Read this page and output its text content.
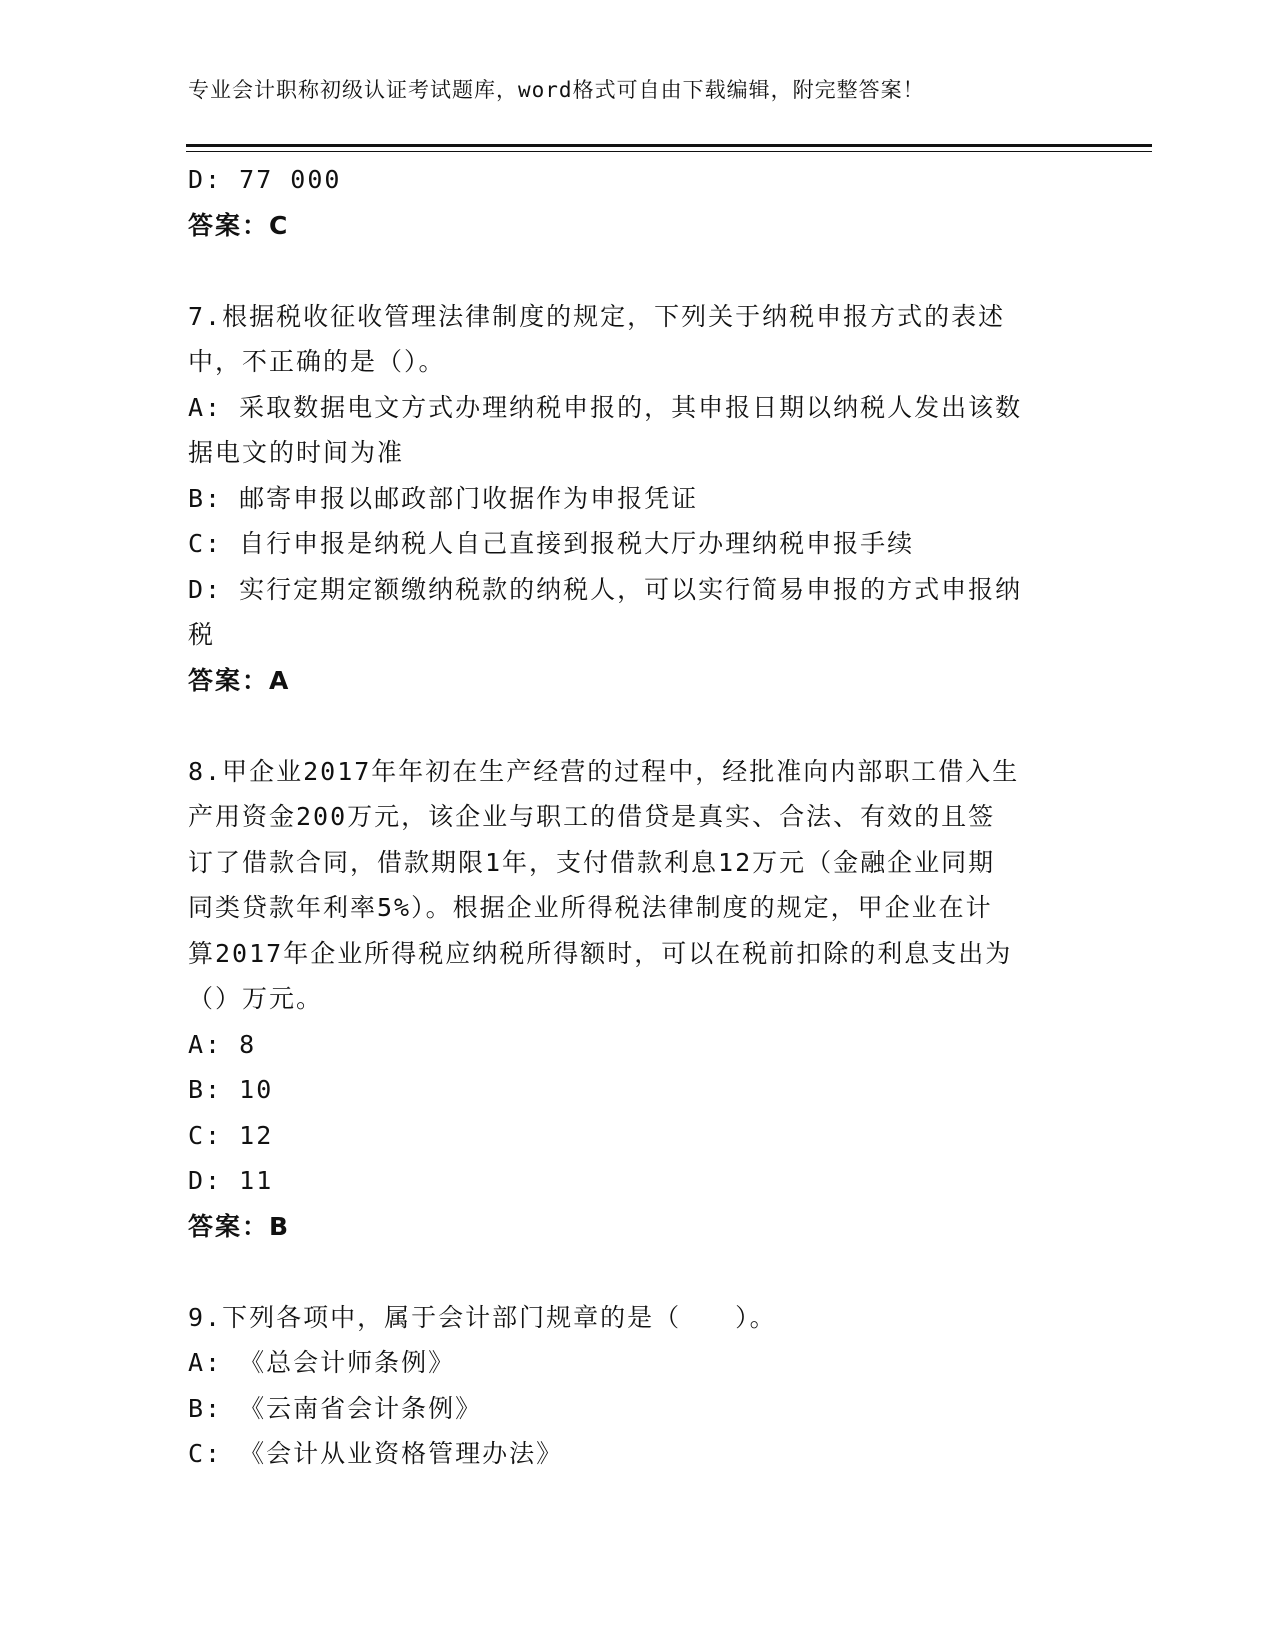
专业会计职称初级认证考试题库，word格式可自由下载编辑，附完整答案！
D: 77 000
答案：C
7.根据税收征收管理法律制度的规定，下列关于纳税申报方式的表述
中，不正确的是（）。
A: 采取数据电文方式办理纳税申报的，其申报日期以纳税人发出该数
据电文的时间为准
B: 邮寄申报以邮政部门收据作为申报凭证
C: 自行申报是纳税人自己直接到报税大厅办理纳税申报手续
D: 实行定期定额缴纳税款的纳税人，可以实行简易申报的方式申报纳
税
答案：A
8.甲企业2017年年初在生产经营的过程中，经批准向内部职工借入生
产用资金200万元，该企业与职工的借贷是真实、合法、有效的且签
订了借款合同，借款期限1年，支付借款利息12万元（金融企业同期
同类贷款年利率5%）。根据企业所得税法律制度的规定，甲企业在计
算2017年企业所得税应纳税所得额时，可以在税前扣除的利息支出为
（）万元。
A: 8
B: 10
C: 12
D: 11
答案：B
9.下列各项中，属于会计部门规章的是（　　）。
A: 《总会计师条例》
B: 《云南省会计条例》
C: 《会计从业资格管理办法》
